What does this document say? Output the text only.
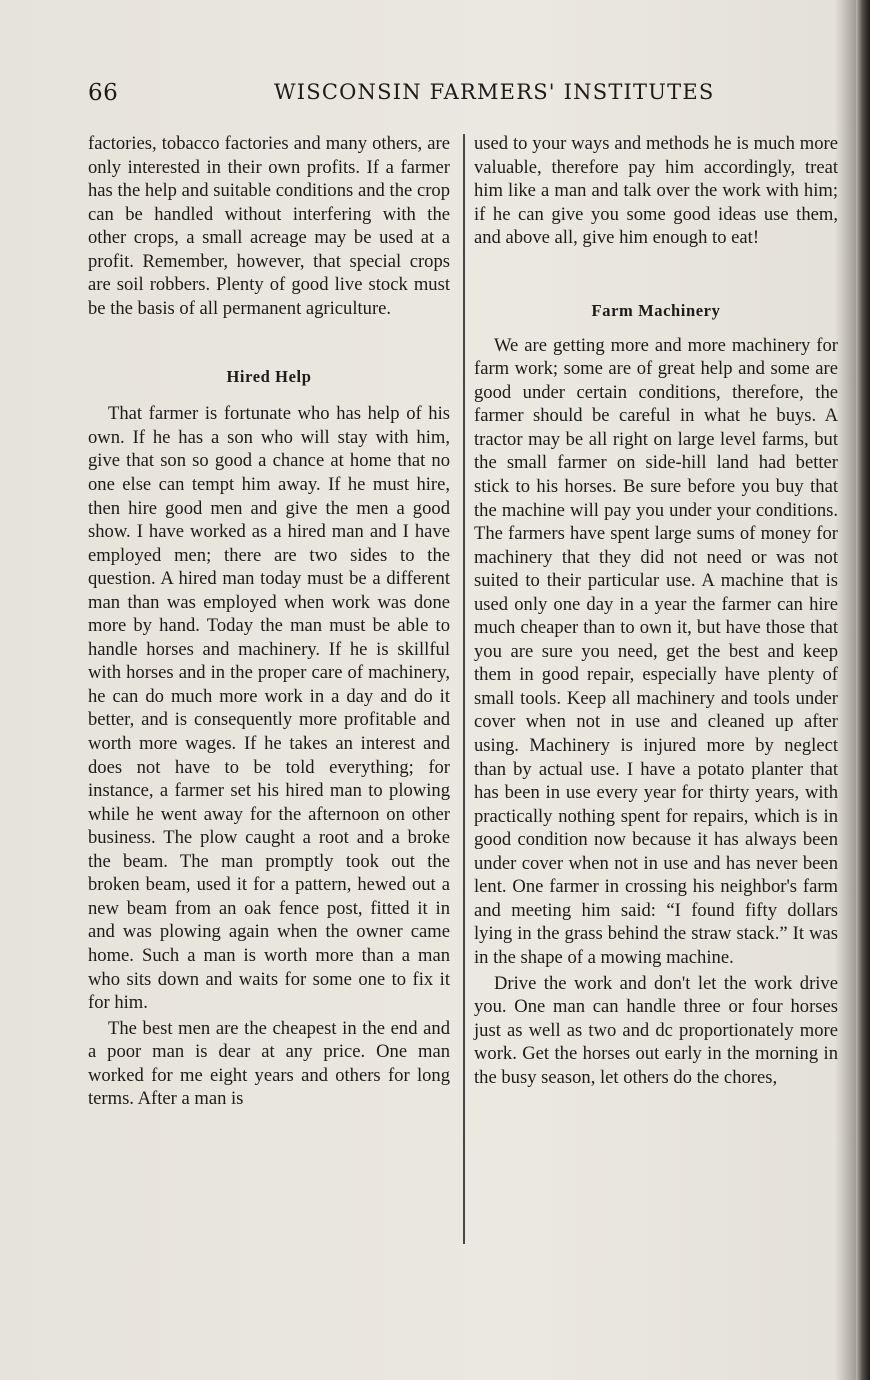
66	WISCONSIN FARMERS' INSTITUTES

factories, tobacco factories and many others, are only interested in their own profits. If a farmer has the help and suitable conditions and the crop can be handled without interfering with the other crops, a small acreage may be used at a profit. Remember, however, that special crops are soil robbers. Plenty of good live stock must be the basis of all permanent agriculture.

Hired Help

That farmer is fortunate who has help of his own. If he has a son who will stay with him, give that son so good a chance at home that no one else can tempt him away. If he must hire, then hire good men and give the men a good show. I have worked as a hired man and I have employed men; there are two sides to the question. A hired man today must be a different man than was employed when work was done more by hand. Today the man must be able to handle horses and machinery. If he is skillful with horses and in the proper care of machinery, he can do much more work in a day and do it better, and is consequently more profitable and worth more wages. If he takes an interest and does not have to be told everything; for instance, a farmer set his hired man to plowing while he went away for the afternoon on other business. The plow caught a root and a broke the beam. The man promptly took out the broken beam, used it for a pattern, hewed out a new beam from an oak fence post, fitted it in and was plowing again when the owner came home. Such a man is worth more than a man who sits down and waits for some one to fix it for him.

The best men are the cheapest in the end and a poor man is dear at any price. One man worked for me eight years and others for long terms. After a man is

used to your ways and methods he is much more valuable, therefore pay him accordingly, treat him like a man and talk over the work with him; if he can give you some good ideas use them, and above all, give him enough to eat!

Farm Machinery

We are getting more and more machinery for farm work; some are of great help and some are good under certain conditions, therefore, the farmer should be careful in what he buys. A tractor may be all right on large level farms, but the small farmer on side-hill land had better stick to his horses. Be sure before you buy that the machine will pay you under your conditions. The farmers have spent large sums of money for machinery that they did not need or was not suited to their particular use. A machine that is used only one day in a year the farmer can hire much cheaper than to own it, but have those that you are sure you need, get the best and keep them in good repair, especially have plenty of small tools. Keep all machinery and tools under cover when not in use and cleaned up after using. Machinery is injured more by neglect than by actual use. I have a potato planter that has been in use every year for thirty years, with practically nothing spent for repairs, which is in good condition now because it has always been under cover when not in use and has never been lent. One farmer in crossing his neighbor's farm and meeting him said: “I found fifty dollars lying in the grass behind the straw stack.” It was in the shape of a mowing machine.

Drive the work and don't let the work drive you. One man can handle three or four horses just as well as two and dc proportionately more work. Get the horses out early in the morning in the busy season, let others do the chores,
